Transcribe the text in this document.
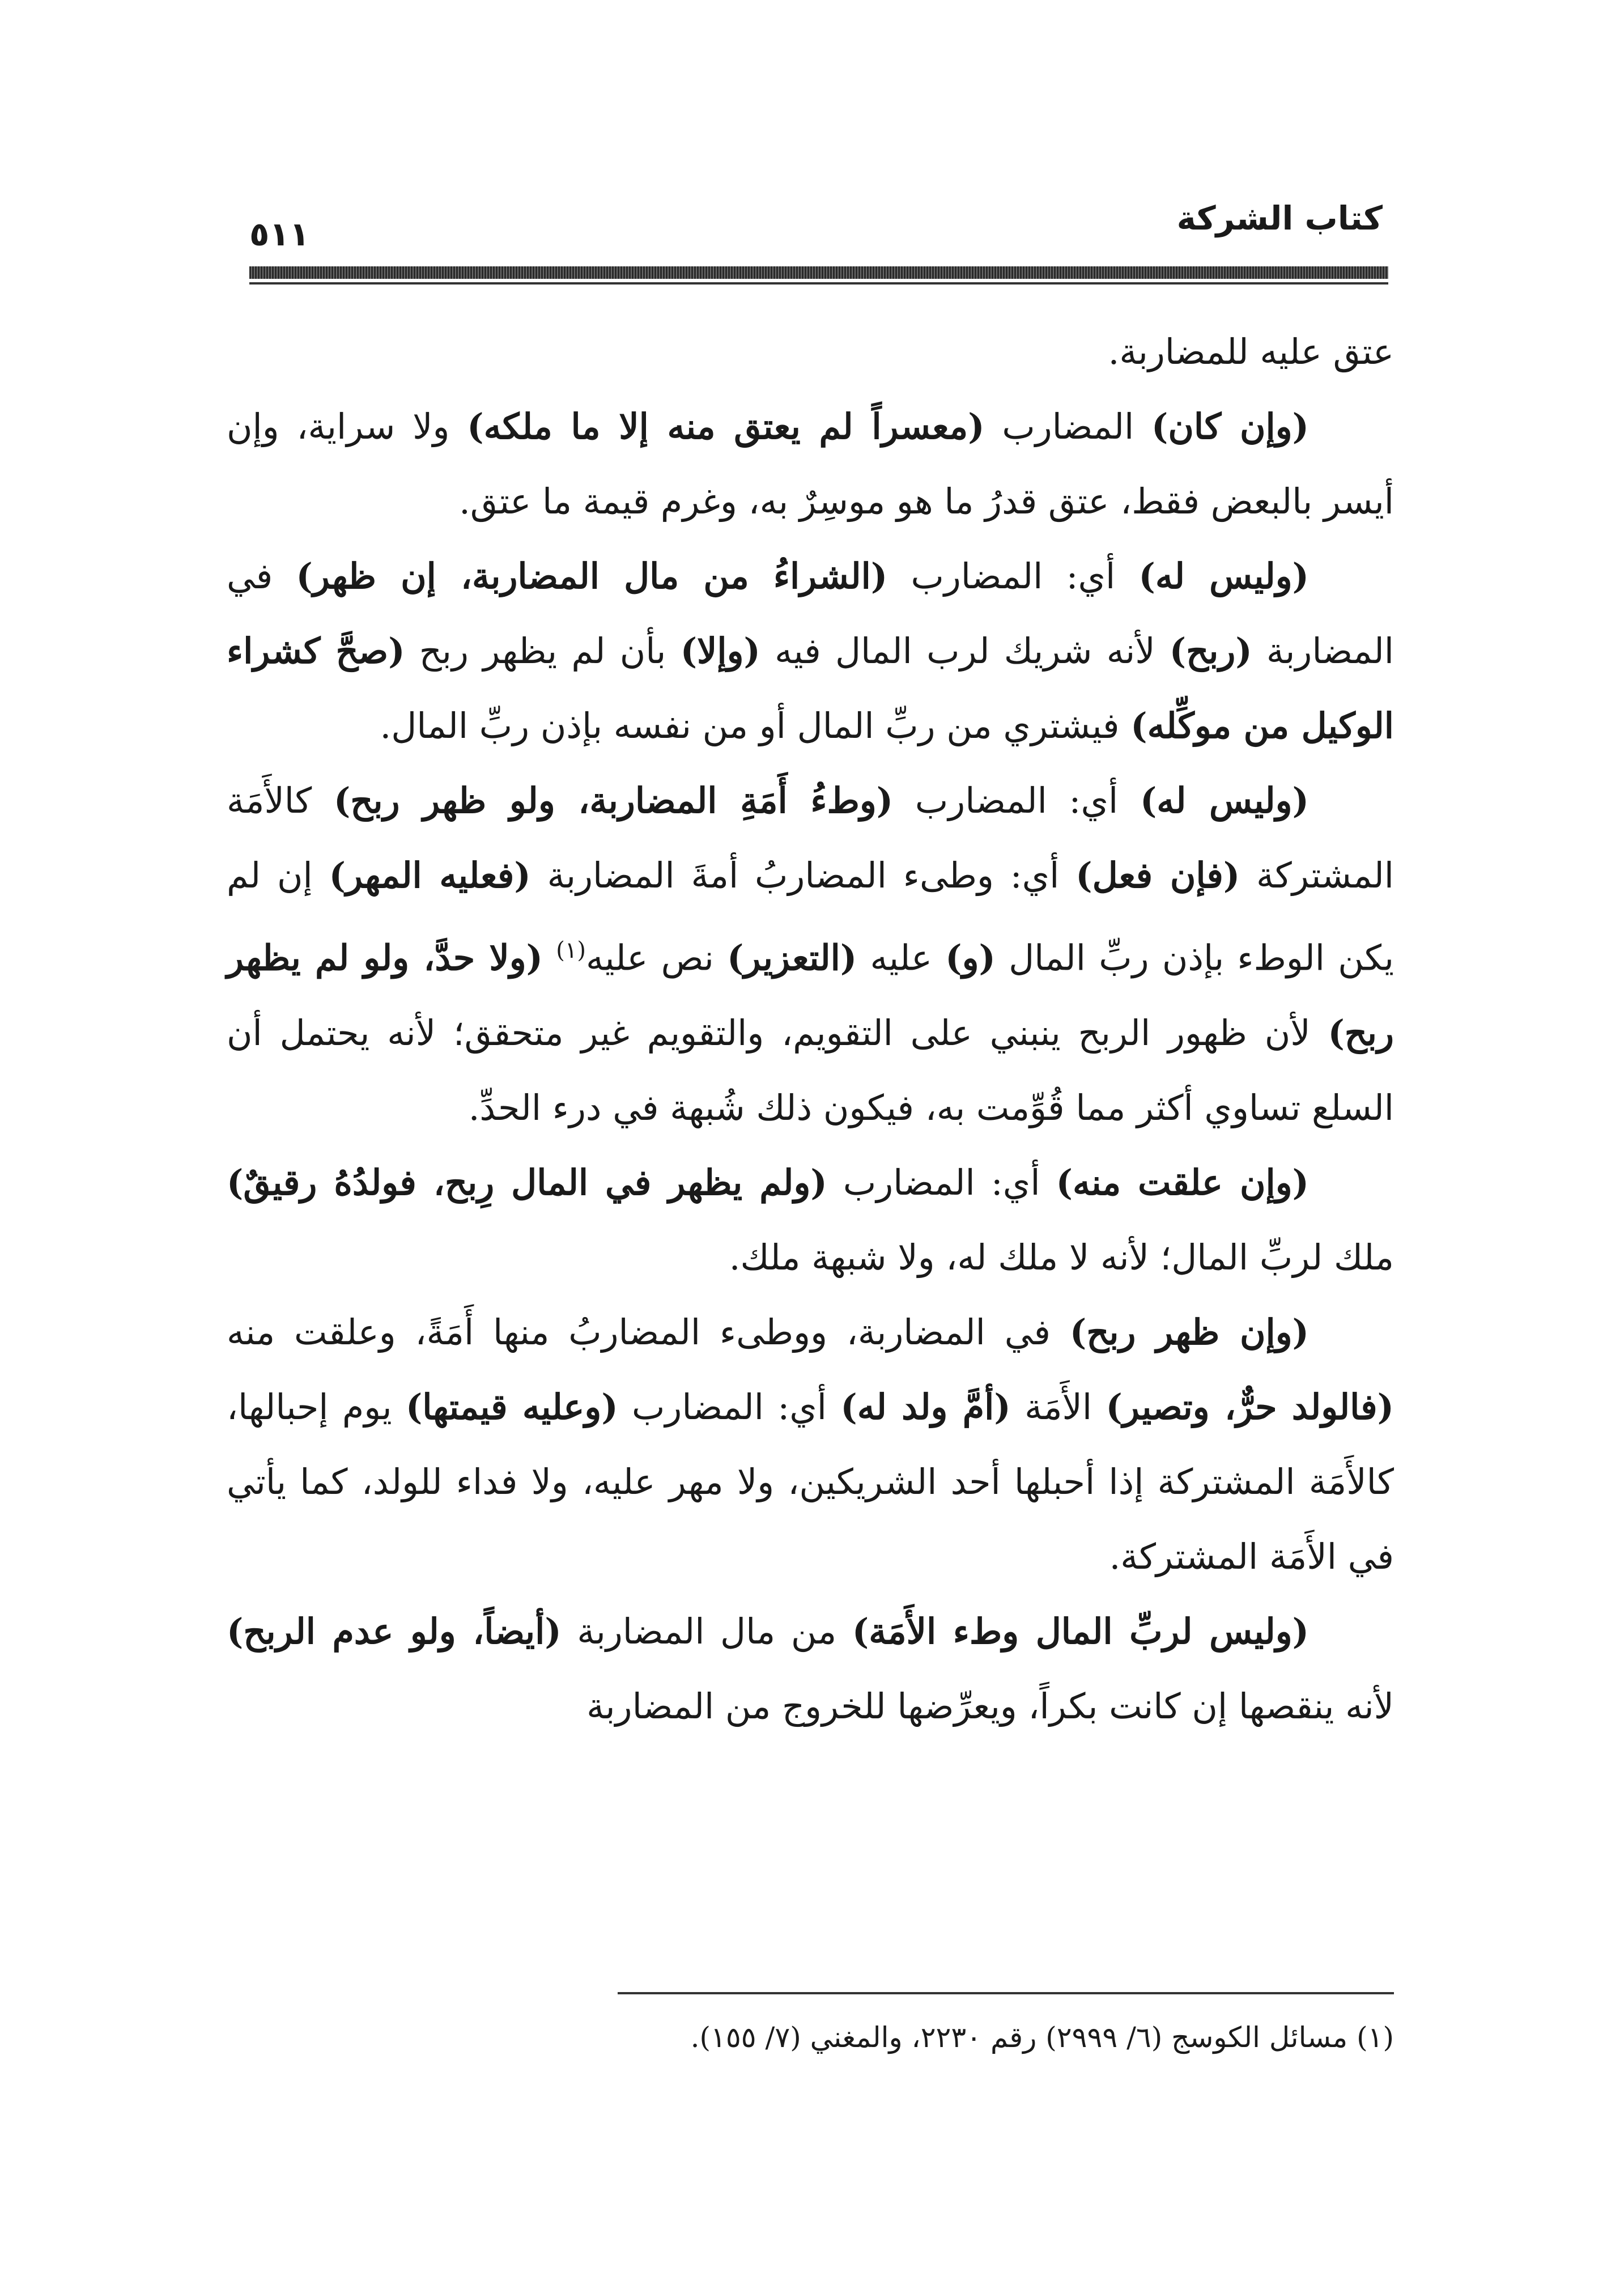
كتاب الشركة
٥١١

عتق عليه للمضاربة.

(وإن كان) المضارب (معسراً لم يعتق منه إلا ما ملكه) ولا سراية، وإن أيسر بالبعض فقط، عتق قدرُ ما هو موسِرٌ به، وغرم قيمة ما عتق.

(وليس له) أي: المضارب (الشراءُ من مال المضاربة، إن ظهر) في المضاربة (ربح) لأنه شريك لرب المال فيه (وإلا) بأن لم يظهر ربح (صحَّ كشراء الوكيل من موكِّله) فيشتري من ربِّ المال أو من نفسه بإذن ربِّ المال.

(وليس له) أي: المضارب (وطءُ أَمَةِ المضاربة، ولو ظهر ربح) كالأَمَة المشتركة (فإن فعل) أي: وطىء المضاربُ أمةَ المضاربة (فعليه المهر) إن لم يكن الوطء بإذن ربِّ المال (و) عليه (التعزير) نص عليه$^{(١)}$ (ولا حدَّ، ولو لم يظهر ربح) لأن ظهور الربح ينبني على التقويم، والتقويم غير متحقق؛ لأنه يحتمل أن السلع تساوي أكثر مما قُوِّمت به، فيكون ذلك شُبهة في درء الحدِّ.

(وإن علقت منه) أي: المضارب (ولم يظهر في المال رِبح، فولدُهُ رقيقٌ) ملك لربِّ المال؛ لأنه لا ملك له، ولا شبهة ملك.

(وإن ظهر ربح) في المضاربة، ووطىء المضاربُ منها أَمَةً، وعلقت منه (فالولد حرٌّ، وتصير) الأَمَة (أمَّ ولد له) أي: المضارب (وعليه قيمتها) يوم إحبالها، كالأَمَة المشتركة إذا أحبلها أحد الشريكين، ولا مهر عليه، ولا فداء للولد، كما يأتي في الأَمَة المشتركة.

(وليس لربِّ المال وطء الأَمَة) من مال المضاربة (أيضاً، ولو عدم الربح) لأنه ينقصها إن كانت بكراً، ويعرِّضها للخروج من المضاربة

(١) مسائل الكوسج (٦/ ٢٩٩٩) رقم ٢٢٣٠، والمغني (٧/ ١٥٥).
